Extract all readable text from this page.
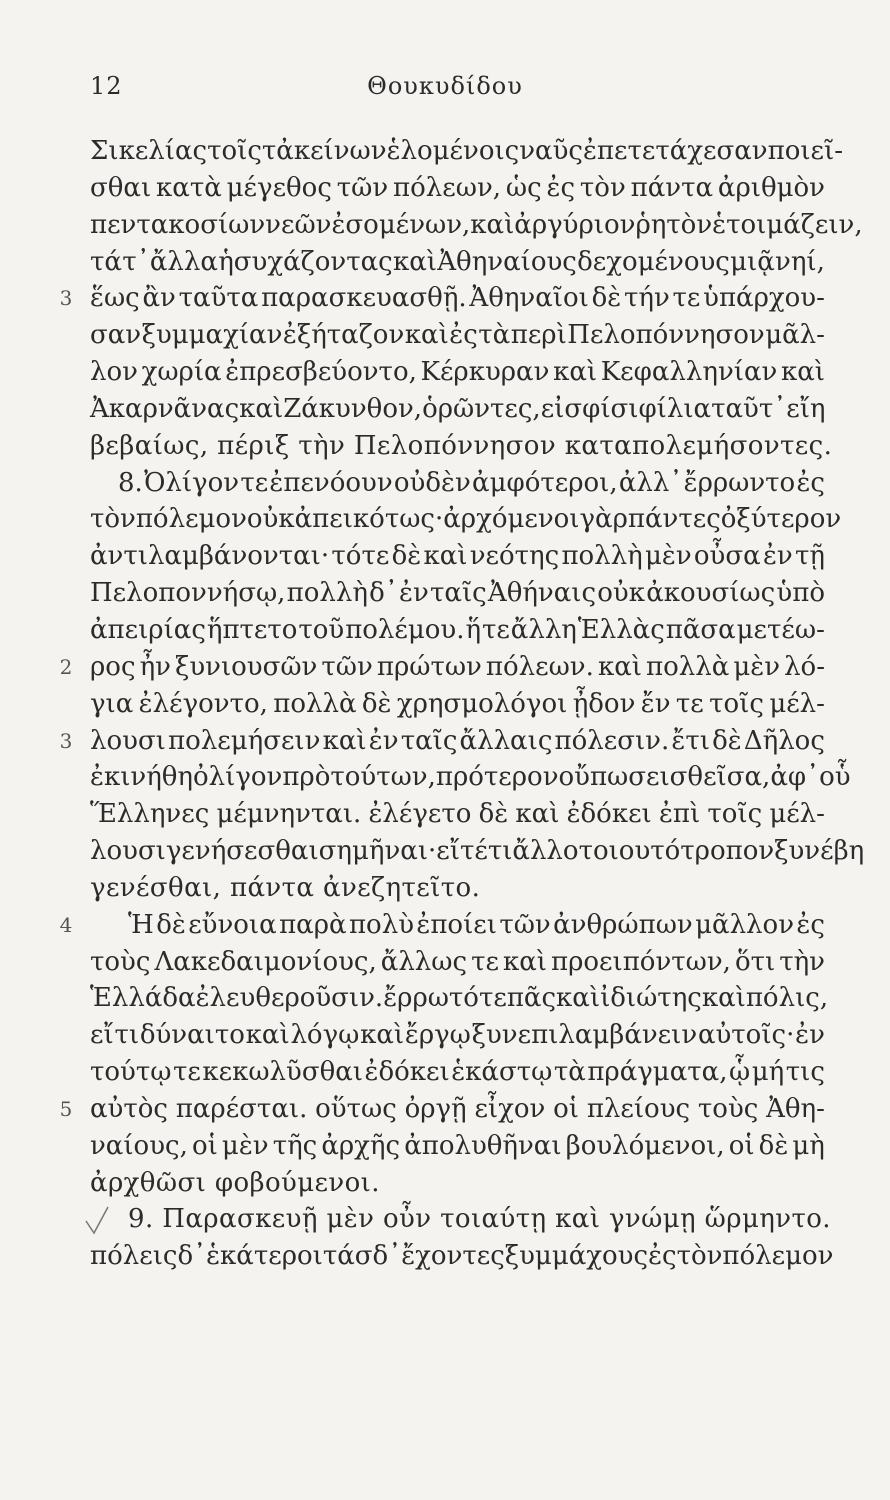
12	Θουκυδίδου
Σικελίας τοῖς τἀκείνων ἑλομένοις ναῦς ἐπετετάχεσαν ποιεῖ-
σθαι κατὰ μέγεθος τῶν πόλεων, ὡς ἐς τὸν πάντα ἀριθμὸν
πεντακοσίων νεῶν ἐσομένων, καὶ ἀργύριον ῥητὸν ἑτοιμάζειν,
τά τ᾽ ἄλλα ἡσυχάζοντας καὶ Ἀθηναίους δεχομένους μιᾷ νηί,
3 ἕως ἂν ταῦτα παρασκευασθῇ. Ἀθηναῖοι δὲ τήν τε ὑπάρχου-
σαν ξυμμαχίαν ἐξήταζον καὶ ἐς τὰ περὶ Πελοπόννησον μᾶλ-
λον χωρία ἐπρεσβεύοντο, Κέρκυραν καὶ Κεφαλληνίαν καὶ
Ἀκαρνᾶνας καὶ Ζάκυνθον, ὁρῶντες, εἰ σφίσι φίλια ταῦτ᾽ εἴη
βεβαίως, πέριξ τὴν Πελοπόννησον καταπολεμήσοντες.
8. Ὀλίγον τε ἐπενόουν οὐδὲν ἀμφότεροι, ἀλλ᾽ ἔρρωντο ἐς
τὸν πόλεμον οὐκ ἀπεικότως· ἀρχόμενοι γὰρ πάντες ὀξύτερον
ἀντιλαμβάνονται· τότε δὲ καὶ νεότης πολλὴ μὲν οὖσα ἐν τῇ
Πελοποννήσῳ, πολλὴ δ᾽ ἐν ταῖς Ἀθήναις οὐκ ἀκουσίως ὑπὸ
ἀπειρίας ἥπτετο τοῦ πολέμου. ἥ τε ἄλλη Ἑλλὰς πᾶσα μετέω-
2 ρος ἦν ξυνιουσῶν τῶν πρώτων πόλεων. καὶ πολλὰ μὲν λό-
για ἐλέγοντο, πολλὰ δὲ χρησμολόγοι ᾖδον ἔν τε τοῖς μέλ-
3 λουσι πολεμήσειν καὶ ἐν ταῖς ἄλλαις πόλεσιν. ἔτι δὲ Δῆλος
ἐκινήθη ὀλίγον πρὸ τούτων, πρότερον οὔπω σεισθεῖσα, ἀφ᾽ οὗ
Ἕλληνες μέμνηνται. ἐλέγετο δὲ καὶ ἐδόκει ἐπὶ τοῖς μέλ-
λουσι γενήσεσθαι σημῆναι· εἴ τέ τι ἄλλο τοιουτότροπον ξυνέβη
γενέσθαι, πάντα ἀνεζητεῖτο.
4 Ἡ δὲ εὔνοια παρὰ πολὺ ἐποίει τῶν ἀνθρώπων μᾶλλον ἐς
τοὺς Λακεδαιμονίους, ἄλλως τε καὶ προειπόντων, ὅτι τὴν
Ἑλλάδα ἐλευθεροῦσιν. ἔρρωτό τε πᾶς καὶ ἰδιώτης καὶ πόλις,
εἴ τι δύναιτο καὶ λόγῳ καὶ ἔργῳ ξυνεπιλαμβάνειν αὐτοῖς· ἐν
τούτῳ τε κεκωλῦσθαι ἐδόκει ἑκάστῳ τὰ πράγματα, ᾧ μή τις
5 αὐτὸς παρέσται. οὕτως ὀργῇ εἶχον οἱ πλείους τοὺς Ἀθη-
ναίους, οἱ μὲν τῆς ἀρχῆς ἀπολυθῆναι βουλόμενοι, οἱ δὲ μὴ
ἀρχθῶσι φοβούμενοι.
9. Παρασκευῇ μὲν οὖν τοιαύτῃ καὶ γνώμῃ ὥρμηντο.
πόλεις δ᾽ ἑκάτεροι τάσδ᾽ ἔχοντες ξυμμάχους ἐς τὸν πόλεμον
